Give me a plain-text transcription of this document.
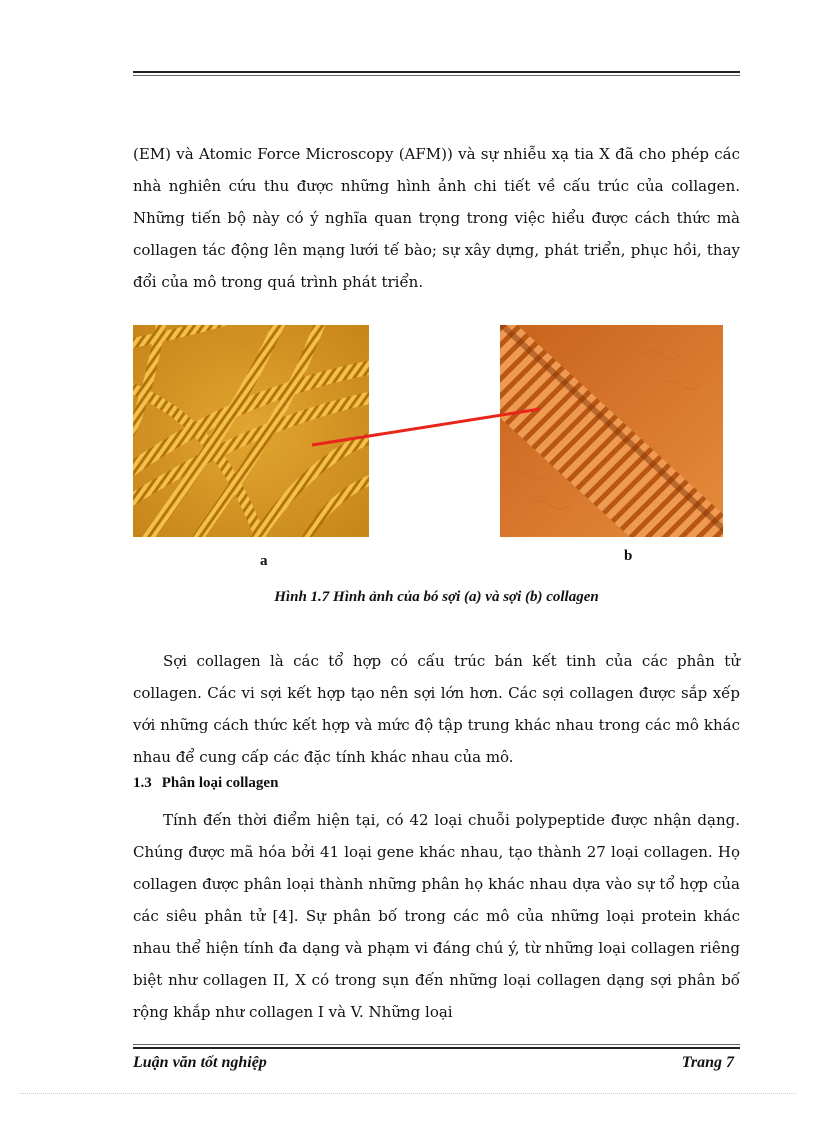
(EM) và Atomic Force Microscopy (AFM)) và sự nhiễu xạ tia X đã cho phép các nhà nghiên cứu thu được những hình ảnh chi tiết về cấu trúc của collagen. Những tiến bộ này có ý nghĩa quan trọng trong việc hiểu được cách thức mà collagen tác động lên mạng lưới tế bào; sự xây dựng, phát triển, phục hồi, thay đổi của mô trong quá trình phát triển.

a	b
Hình 1.7 Hình ảnh của bó sợi (a) và sợi (b) collagen

Sợi collagen là các tổ hợp có cấu trúc bán kết tinh của các phân tử collagen. Các vi sợi kết hợp tạo nên sợi lớn hơn. Các sợi collagen được sắp xếp với những cách thức kết hợp và mức độ tập trung khác nhau trong các mô khác nhau để cung cấp các đặc tính khác nhau của mô.

1.3 Phân loại collagen

Tính đến thời điểm hiện tại, có 42 loại chuỗi polypeptide được nhận dạng. Chúng được mã hóa bởi 41 loại gene khác nhau, tạo thành 27 loại collagen. Họ collagen được phân loại thành những phân họ khác nhau dựa vào sự tổ hợp của các siêu phân tử [4]. Sự phân bố trong các mô của những loại protein khác nhau thể hiện tính đa dạng và phạm vi đáng chú ý, từ những loại collagen riêng biệt như collagen II, X có trong sụn đến những loại collagen dạng sợi phân bố rộng khắp như collagen I và V. Những loại

Luận văn tốt nghiệp	Trang 7
